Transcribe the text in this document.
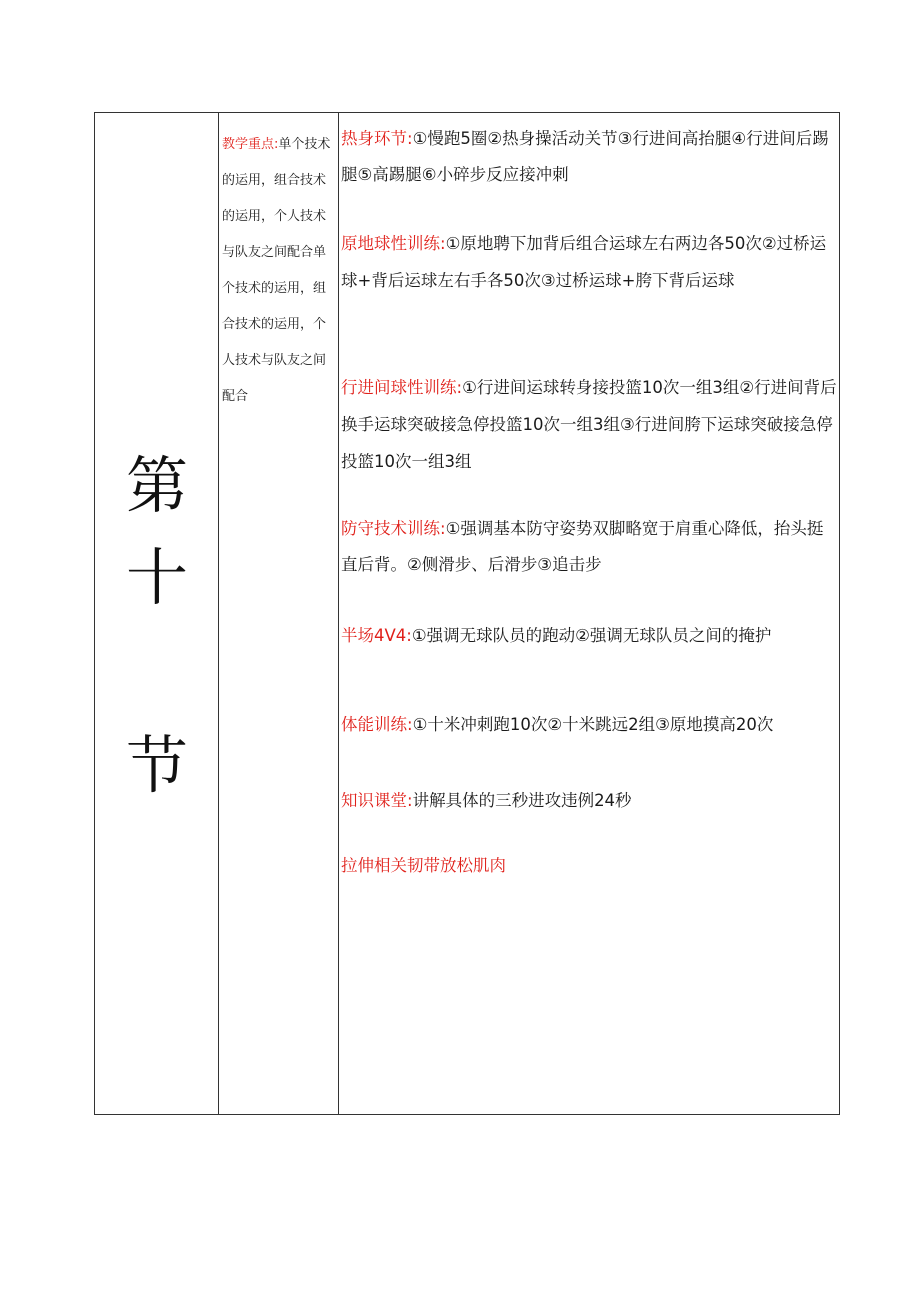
第
十
节
教学重点:单个技术的运用，组合技术的运用，个人技术与队友之间配合单个技术的运用，组合技术的运用，个人技术与队友之间配合
热身环节:①慢跑5圈②热身操活动关节③行进间高抬腿④行进间后踢腿⑤高踢腿⑥小碎步反应接冲刺
原地球性训练:①原地聘下加背后组合运球左右两边各50次②过桥运球+背后运球左右手各50次③过桥运球+胯下背后运球
行进间球性训练:①行进间运球转身接投篮10次一组3组②行进间背后换手运球突破接急停投篮10次一组3组③行进间胯下运球突破接急停投篮10次一组3组
防守技术训练:①强调基本防守姿势双脚略宽于肩重心降低，抬头挺直后背。②侧滑步、后滑步③追击步
半场4V4:①强调无球队员的跑动②强调无球队员之间的掩护
体能训练:①十米冲刺跑10次②十米跳远2组③原地摸高20次
知识课堂:讲解具体的三秒进攻违例24秒
拉伸相关韧带放松肌肉
